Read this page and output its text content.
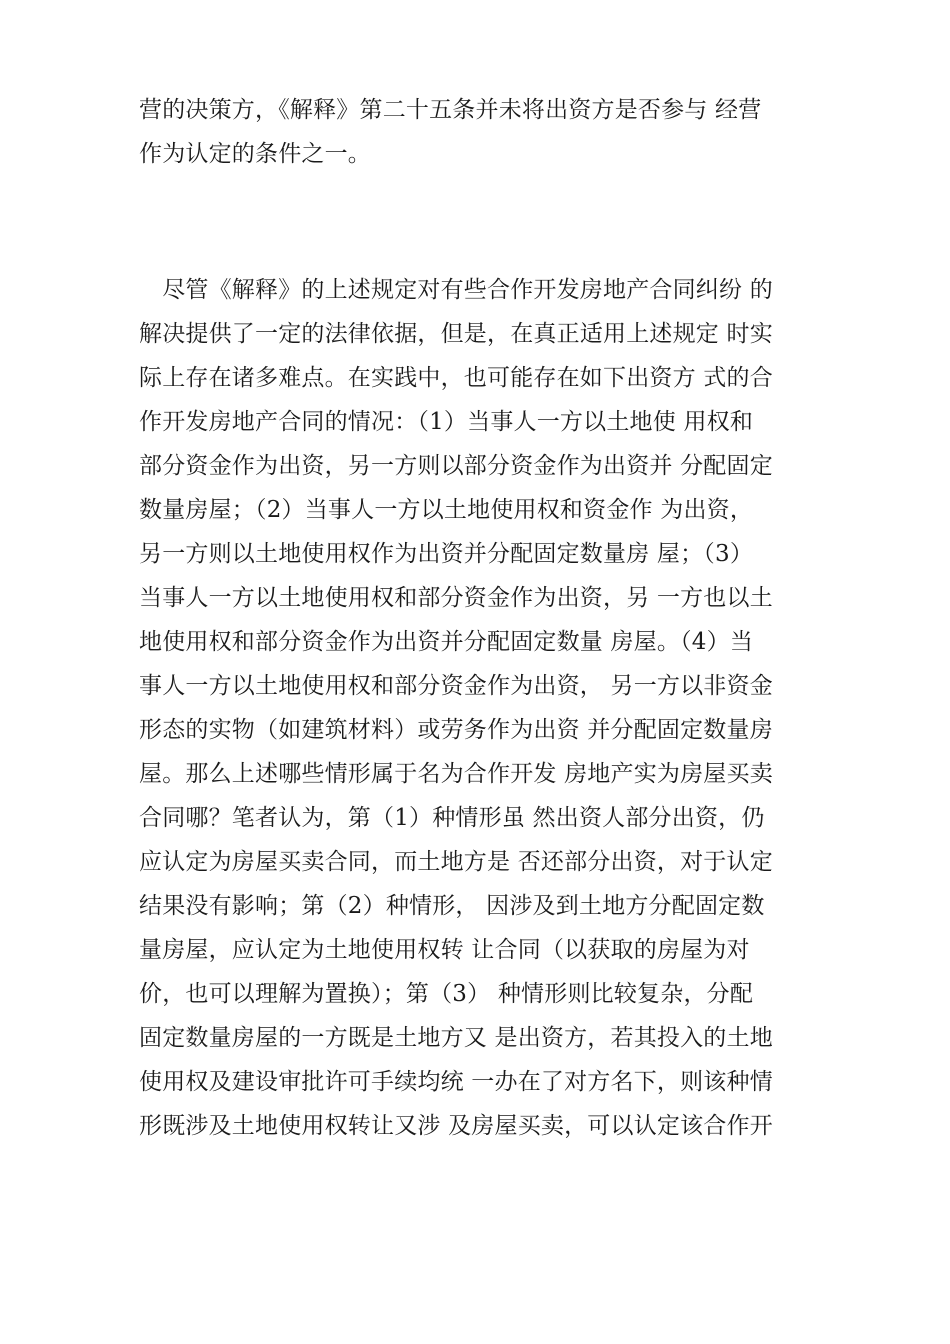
营的决策方，《解释》第二十五条并未将出资方是否参与 经营
作为认定的条件之一。
　尽管《解释》的上述规定对有些合作开发房地产合同纠纷 的
解决提供了一定的法律依据，但是，在真正适用上述规定 时实
际上存在诸多难点。在实践中，也可能存在如下出资方 式的合
作开发房地产合同的情况：（1）当事人一方以土地使 用权和
部分资金作为出资，另一方则以部分资金作为出资并 分配固定
数量房屋；（2）当事人一方以土地使用权和资金作 为出资，
另一方则以土地使用权作为出资并分配固定数量房 屋；（3）
当事人一方以土地使用权和部分资金作为出资，另 一方也以土
地使用权和部分资金作为出资并分配固定数量 房屋。（4）当
事人一方以土地使用权和部分资金作为出资， 另一方以非资金
形态的实物（如建筑材料）或劳务作为出资 并分配固定数量房
屋。那么上述哪些情形属于名为合作开发 房地产实为房屋买卖
合同哪？笔者认为，第（1）种情形虽 然出资人部分出资，仍
应认定为房屋买卖合同，而土地方是 否还部分出资，对于认定
结果没有影响；第（2）种情形， 因涉及到土地方分配固定数
量房屋，应认定为土地使用权转 让合同（以获取的房屋为对
价，也可以理解为置换）；第（3） 种情形则比较复杂，分配
固定数量房屋的一方既是土地方又 是出资方，若其投入的土地
使用权及建设审批许可手续均统 一办在了对方名下，则该种情
形既涉及土地使用权转让又涉 及房屋买卖，可以认定该合作开
